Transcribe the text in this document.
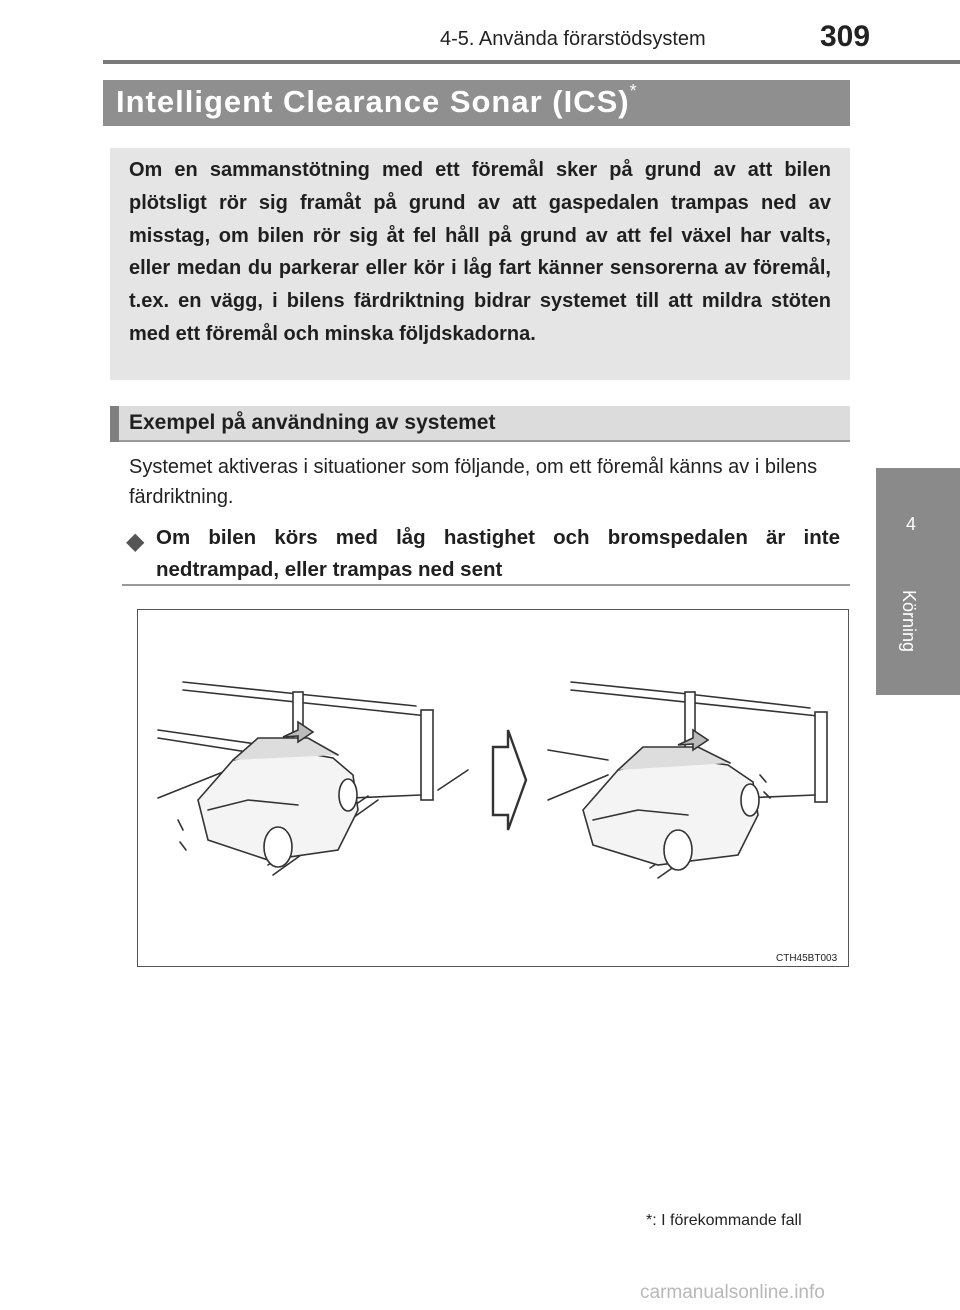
4-5. Använda förarstödsystem	309
4
Körning
Intelligent Clearance Sonar (ICS)*
Om en sammanstötning med ett föremål sker på grund av att bilen plötsligt rör sig framåt på grund av att gaspedalen trampas ned av misstag, om bilen rör sig åt fel håll på grund av att fel växel har valts, eller medan du parkerar eller kör i låg fart känner sensorerna av föremål, t.ex. en vägg, i bilens färdriktning bidrar systemet till att mildra stöten med ett föremål och minska följdskadorna.
Exempel på användning av systemet
Systemet aktiveras i situationer som följande, om ett föremål känns av i bilens färdriktning.
◆ Om bilen körs med låg hastighet och bromspedalen är inte nedtrampad, eller trampas ned sent
CTH45BT003
*: I förekommande fall
carmanualsonline.info
